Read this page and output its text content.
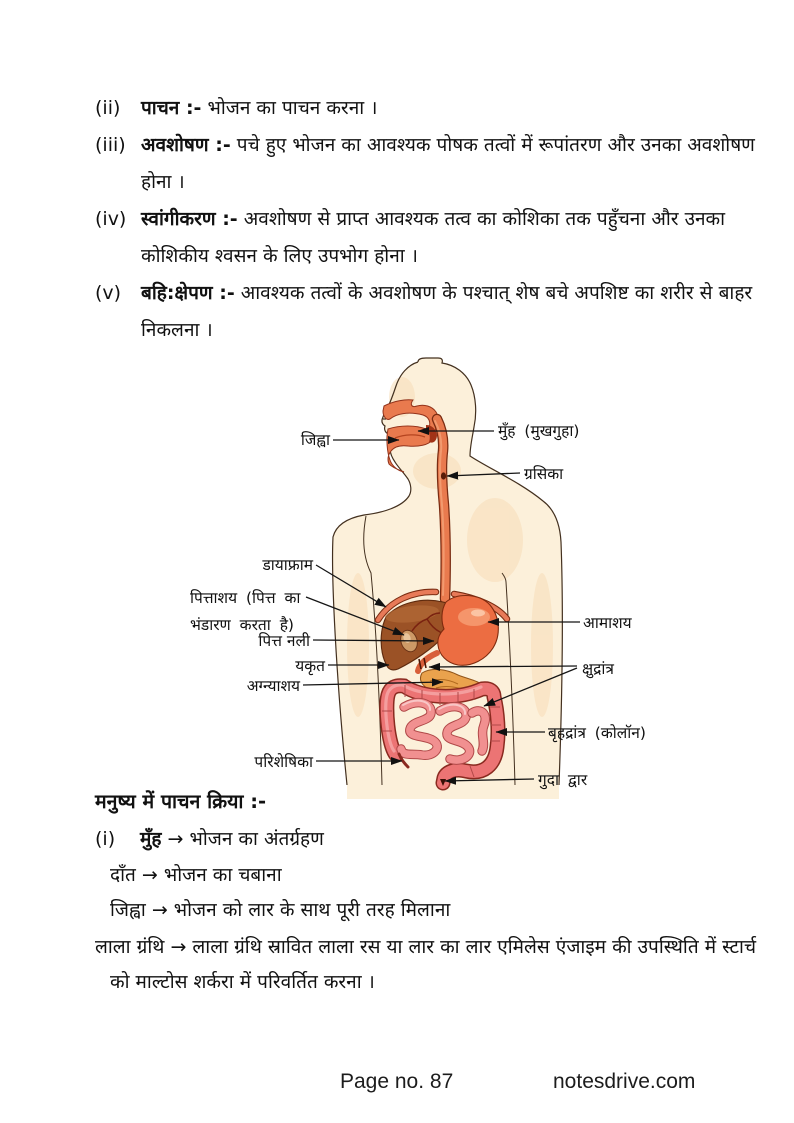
(ii) पाचन :- भोजन का पाचन करना ।
(iii) अवशोषण :- पचे हुए भोजन का आवश्यक पोषक तत्वों में रूपांतरण और उनका अवशोषण होना ।
(iv) स्वांगीकरण :- अवशोषण से प्राप्त आवश्यक तत्व का कोशिका तक पहुँचना और उनका कोशिकीय श्वसन के लिए उपभोग होना ।
(v) बहि:क्षेपण :- आवश्यक तत्वों के अवशोषण के पश्चात् शेष बचे अपशिष्ट का शरीर से बाहर निकलना ।
जिह्वा	मुँह (मुखगुहा)
ग्रसिका
डायाफ्राम
पित्ताशय (पित्त का
भंडारण करता है)
पित्त नली
यकृत
अग्न्याशय
आमाशय
क्षुद्रांत्र
बृहद्रांत्र (कोलॉन)
परिशेषिका
गुदा द्वार
मनुष्य में पाचन क्रिया :-
(i) मुँह → भोजन का अंतर्ग्रहण
दाँत → भोजन का चबाना
जिह्वा → भोजन को लार के साथ पूरी तरह मिलाना
लाला ग्रंथि → लाला ग्रंथि स्रावित लाला रस या लार का लार एमिलेस एंजाइम की उपस्थिति में स्टार्च को माल्टोस शर्करा में परिवर्तित करना ।
Page no. 87	notesdrive.com
